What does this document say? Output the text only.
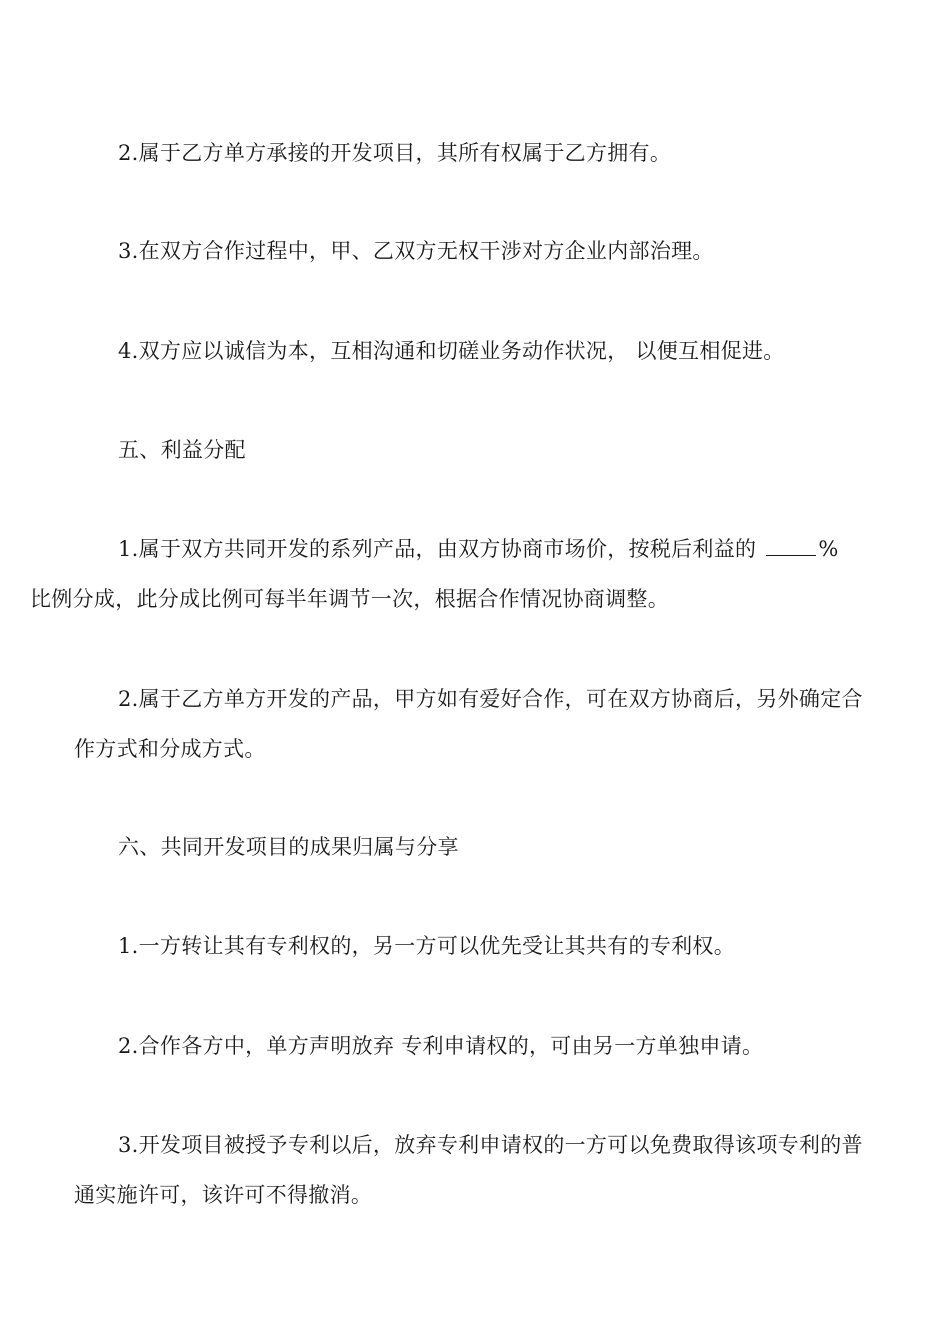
2.属于乙方单方承接的开发项目，其所有权属于乙方拥有。

3.在双方合作过程中，甲、乙双方无权干涉对方企业内部治理。

4.双方应以诚信为本，互相沟通和切磋业务动作状况， 以便互相促进。

五、利益分配

1.属于双方共同开发的系列产品，由双方协商市场价，按税后利益的	%
比例分成，此分成比例可每半年调节一次，根据合作情况协商调整。

2.属于乙方单方开发的产品，甲方如有爱好合作，可在双方协商后，另外确定合作方式和分成方式。

六、共同开发项目的成果归属与分享

1.一方转让其有专利权的，另一方可以优先受让其共有的专利权。

2.合作各方中，单方声明放弃 专利申请权的，可由另一方单独申请。

3.开发项目被授予专利以后，放弃专利申请权的一方可以免费取得该项专利的普通实施许可，该许可不得撤消。
